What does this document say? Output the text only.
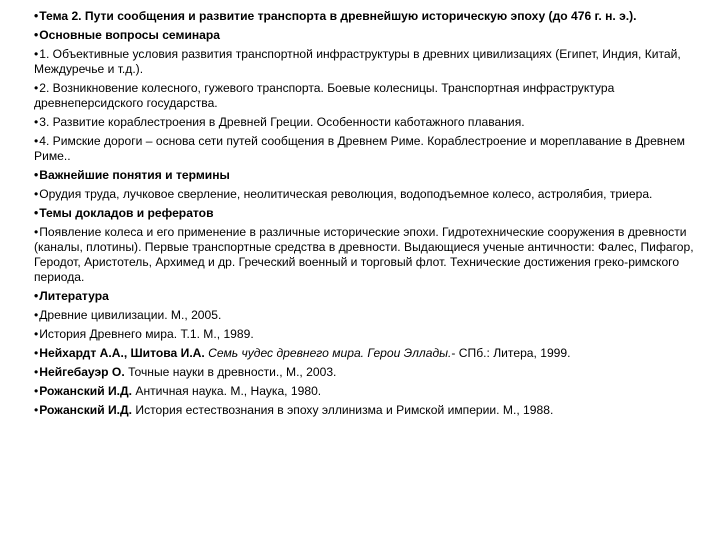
•Тема 2. Пути сообщения и развитие транспорта в древнейшую историческую эпоху (до 476 г. н. э.).

•Основные вопросы семинара

•1. Объективные условия развития транспортной инфраструктуры в древних цивилизациях (Египет, Индия, Китай, Междуречье и т.д.).

•2. Возникновение колесного, гужевого транспорта. Боевые колесницы. Транспортная инфраструктура древнеперсидского государства.

•3. Развитие кораблестроения в Древней Греции. Особенности каботажного плавания.

•4. Римские дороги – основа сети путей сообщения в Древнем Риме. Кораблестроение и мореплавание в Древнем Риме..

•Важнейшие понятия и термины

•Орудия труда, лучковое сверление, неолитическая революция, водоподъемное колесо, астролябия, триера.

•Темы докладов и рефератов

•Появление колеса и его применение в различные исторические эпохи. Гидротехнические сооружения в древности (каналы, плотины). Первые транспортные средства в древности. Выдающиеся ученые античности: Фалес, Пифагор, Геродот, Аристотель, Архимед и др. Греческий военный и торговый флот. Технические достижения греко-римского периода.

•Литература

•Древние цивилизации. М., 2005.

•История Древнего мира. Т.1. М., 1989.

•Нейхардт А.А., Шитова И.А. Семь чудес древнего мира. Герои Эллады.- СПб.: Литера, 1999.

•Нейгебауэр О. Точные науки в древности., М., 2003.

•Рожанский И.Д. Античная наука. М., Наука, 1980.

•Рожанский И.Д. История естествознания в эпоху эллинизма и Римской империи. М., 1988.
